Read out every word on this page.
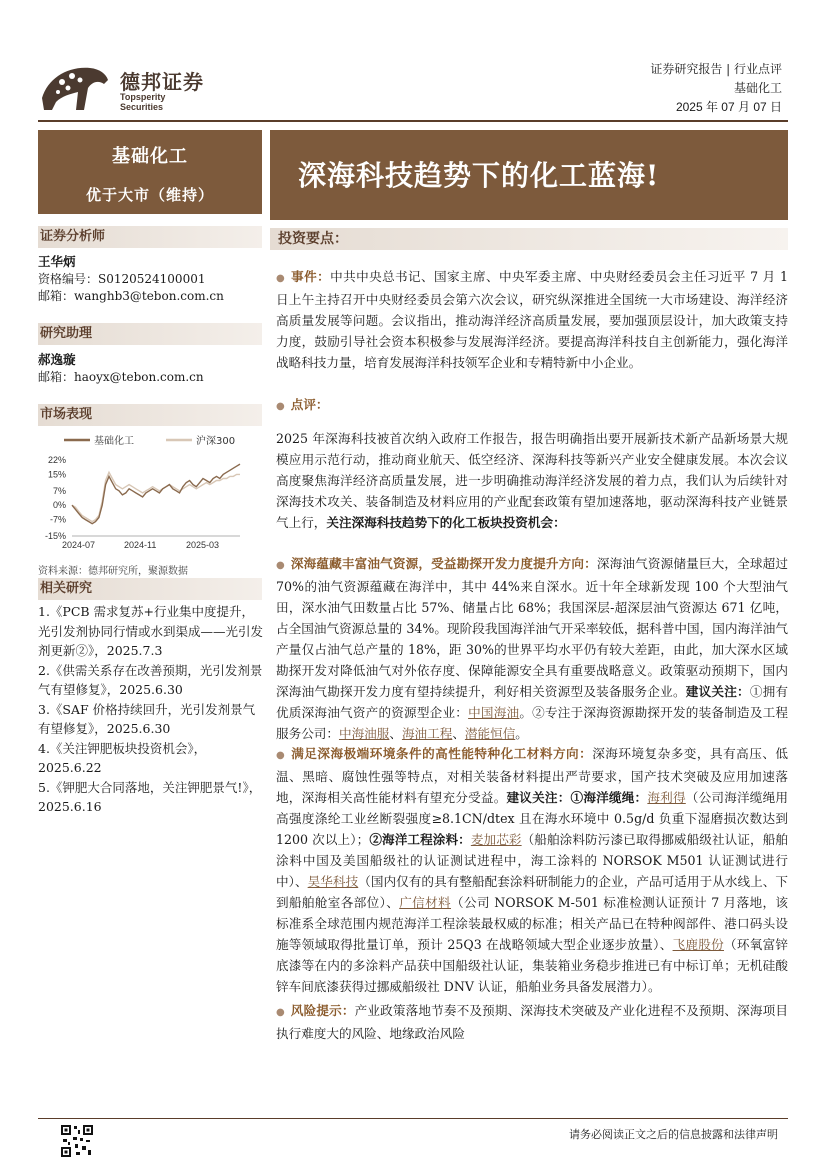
德邦证券
Topsperity Securities
证券研究报告 | 行业点评
基础化工
2025 年 07 月 07 日
基础化工
优于大市（维持）
证券分析师
王华炳
资格编号：S0120524100001
邮箱：wanghb3@tebon.com.cn
研究助理
郝逸璇
邮箱：haoyx@tebon.com.cn
市场表现
基础化工	沪深300
22%
15%
7%
0%
-7%
-15%
2024-07	2024-11	2025-03
资料来源：德邦研究所，聚源数据
相关研究
1.《PCB 需求复苏+行业集中度提升，光引发剂协同行情或水到渠成——光引发剂更新②》，2025.7.3
2.《供需关系存在改善预期，光引发剂景气有望修复》，2025.6.30
3.《SAF 价格持续回升，光引发剂景气有望修复》，2025.6.30
4.《关注钾肥板块投资机会》，2025.6.22
5.《钾肥大合同落地，关注钾肥景气!》，2025.6.16
深海科技趋势下的化工蓝海!
投资要点：
● 事件：中共中央总书记、国家主席、中央军委主席、中央财经委员会主任习近平 7 月 1 日上午主持召开中央财经委员会第六次会议，研究纵深推进全国统一大市场建设、海洋经济高质量发展等问题。会议指出，推动海洋经济高质量发展，要加强顶层设计，加大政策支持力度，鼓励引导社会资本积极参与发展海洋经济。要提高海洋科技自主创新能力，强化海洋战略科技力量，培育发展海洋科技领军企业和专精特新中小企业。
● 点评：
2025 年深海科技被首次纳入政府工作报告，报告明确指出要开展新技术新产品新场景大规模应用示范行动，推动商业航天、低空经济、深海科技等新兴产业安全健康发展。本次会议高度聚焦海洋经济高质量发展，进一步明确推动海洋经济发展的着力点，我们认为后续针对深海技术攻关、装备制造及材料应用的产业配套政策有望加速落地，驱动深海科技产业链景气上行，关注深海科技趋势下的化工板块投资机会：
● 深海蕴藏丰富油气资源，受益勘探开发力度提升方向：深海油气资源储量巨大，全球超过 70%的油气资源蕴藏在海洋中，其中 44%来自深水。近十年全球新发现 100 个大型油气田，深水油气田数量占比 57%、储量占比 68%；我国深层-超深层油气资源达 671 亿吨，占全国油气资源总量的 34%。现阶段我国海洋油气开采率较低，据科普中国，国内海洋油气产量仅占油气总产量的 18%，距 30%的世界平均水平仍有较大差距，由此，加大深水区域勘探开发对降低油气对外依存度、保障能源安全具有重要战略意义。政策驱动预期下，国内深海油气勘探开发力度有望持续提升，利好相关资源型及装备服务企业。建议关注：①拥有优质深海油气资产的资源型企业：中国海油。②专注于深海资源勘探开发的装备制造及工程服务公司：中海油服、海油工程、潜能恒信。
● 满足深海极端环境条件的高性能特种化工材料方向：深海环境复杂多变，具有高压、低温、黑暗、腐蚀性强等特点，对相关装备材料提出严苛要求，国产技术突破及应用加速落地，深海相关高性能材料有望充分受益。建议关注：①海洋缆绳：海利得（公司海洋缆绳用高强度涤纶工业丝断裂强度≥8.1CN/dtex 且在海水环境中 0.5g/d 负重下湿磨损次数达到 1200 次以上）；②海洋工程涂料：麦加芯彩（船舶涂料防污漆已取得挪威船级社认证，船舶涂料中国及美国船级社的认证测试进程中，海工涂料的 NORSOK M501 认证测试进行中）、昊华科技（国内仅有的具有整船配套涂料研制能力的企业，产品可适用于从水线上、下到船舶舱室各部位）、广信材料（公司 NORSOK M-501 标准检测认证预计 7 月落地，该标准系全球范围内规范海洋工程涂装最权威的标准；相关产品已在特种阀部件、港口码头设施等领域取得批量订单，预计 25Q3 在战略领域大型企业逐步放量）、飞鹿股份（环氧富锌底漆等在内的多涂料产品获中国船级社认证，集装箱业务稳步推进已有中标订单；无机硅酸锌车间底漆获得过挪威船级社 DNV 认证，船舶业务具备发展潜力）。
● 风险提示：产业政策落地节奏不及预期、深海技术突破及产业化进程不及预期、深海项目执行难度大的风险、地缘政治风险
请务必阅读正文之后的信息披露和法律声明
